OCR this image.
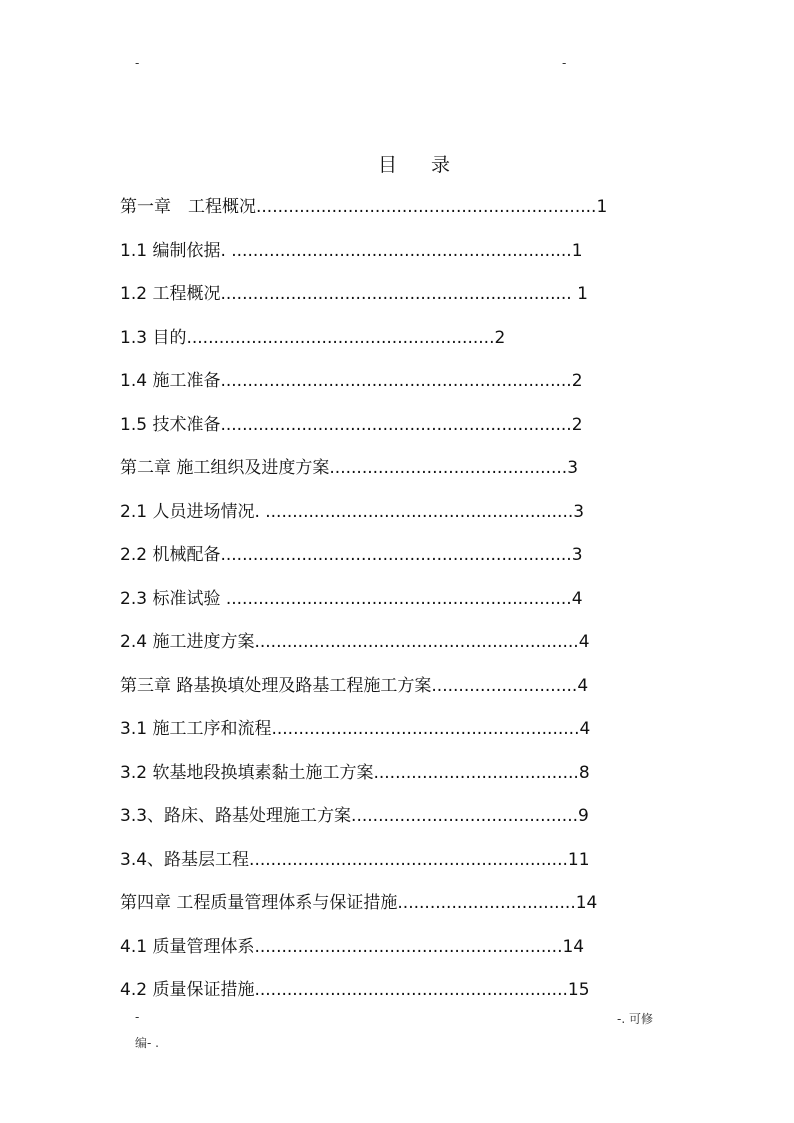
-	-
目 录
第一章　工程概况...............................................................1
1.1 编制依据. ...............................................................1
1.2 工程概况................................................................. 1
1.3 目的.........................................................2
1.4 施工准备.................................................................2
1.5 技术准备.................................................................2
第二章 施工组织及进度方案............................................3
2.1 人员进场情况. .........................................................3
2.2 机械配备.................................................................3
2.3 标准试验 ................................................................4
2.4 施工进度方案............................................................4
第三章 路基换填处理及路基工程施工方案...........................4
3.1 施工工序和流程.........................................................4
3.2 软基地段换填素黏土施工方案......................................8
3.3、路床、路基处理施工方案..........................................9
3.4、路基层工程...........................................................11
第四章 工程质量管理体系与保证措施.................................14
4.1 质量管理体系.........................................................14
4.2 质量保证措施..........................................................15
-	-. 可修
编- .
